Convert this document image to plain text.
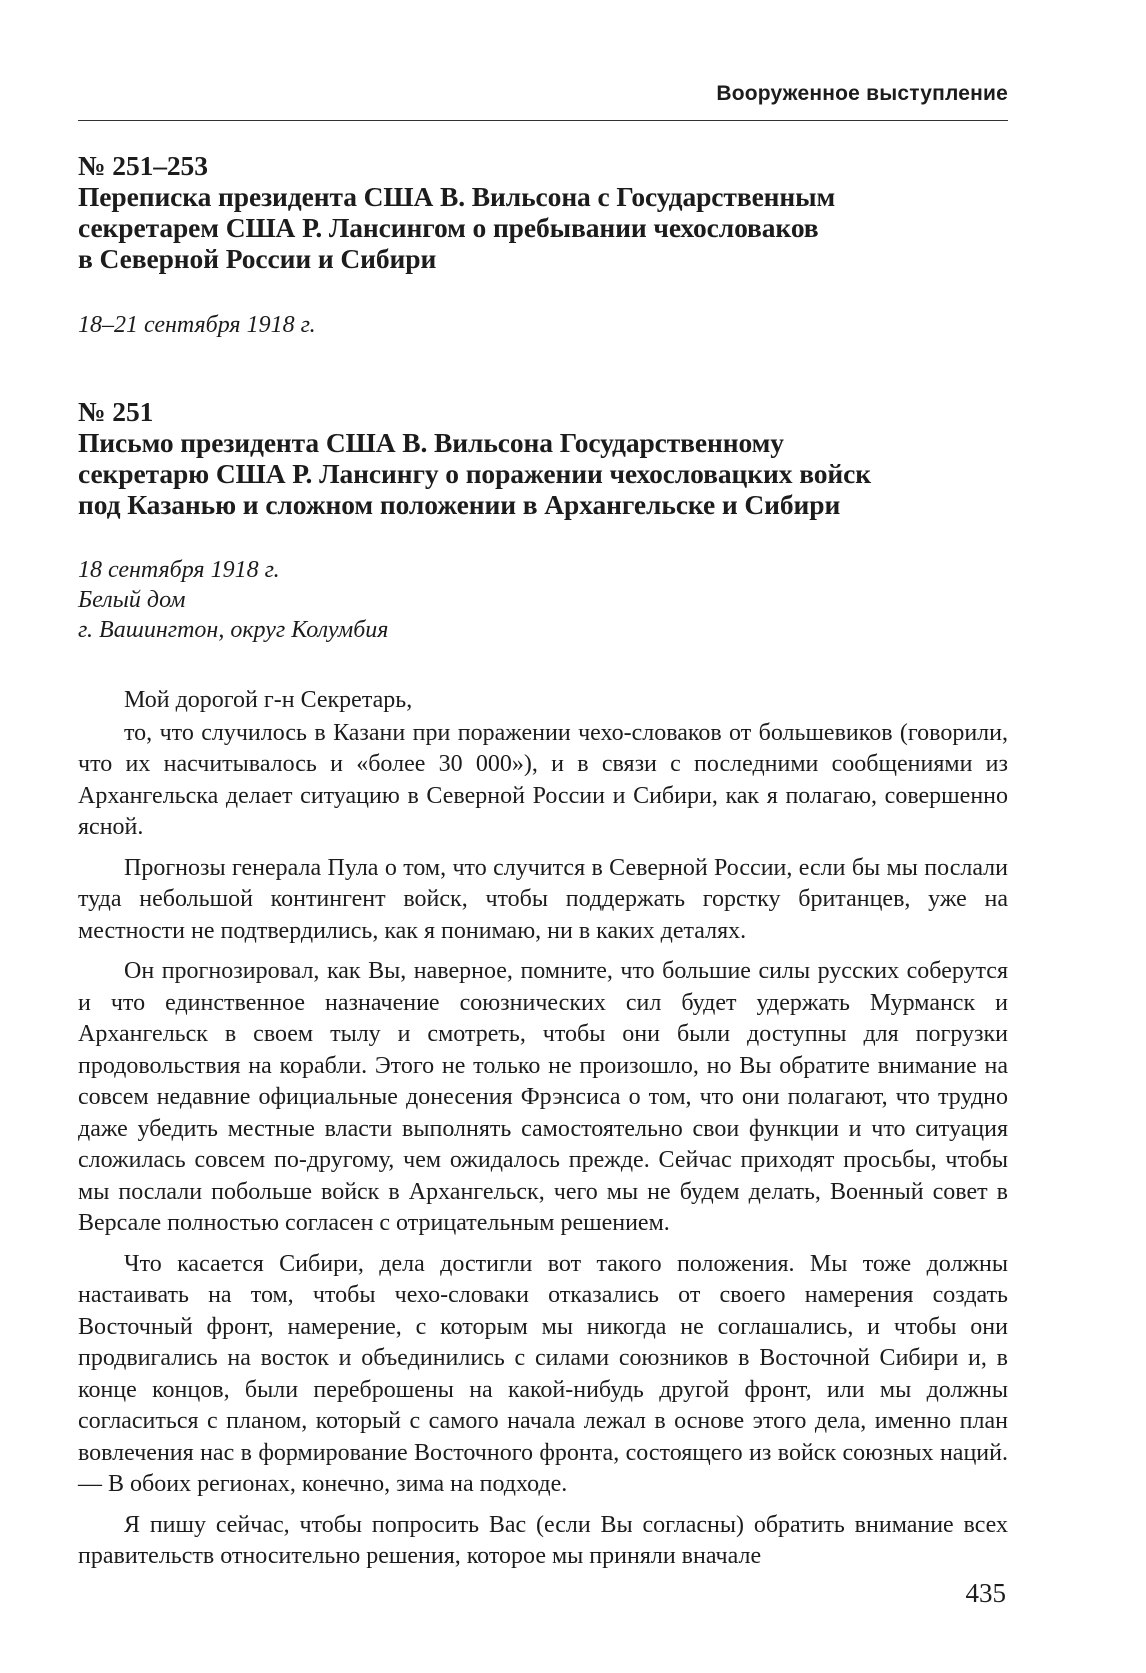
Вооруженное выступление
№ 251–253
Переписка президента США В. Вильсона с Государственным
секретарем США Р. Лансингом о пребывании чехословаков
в Северной России и Сибири
18–21 сентября 1918 г.
№ 251
Письмо президента США В. Вильсона Государственному
секретарю США Р. Лансингу о поражении чехословацких войск
под Казанью и сложном положении в Архангельске и Сибири
18 сентября 1918 г.
Белый дом
г. Вашингтон, округ Колумбия

Мой дорогой г-н Секретарь,

то, что случилось в Казани при поражении чехо-словаков от большевиков (говорили, что их насчитывалось и «более 30 000»), и в связи с последними сообщениями из Архангельска делает ситуацию в Северной России и Сибири, как я полагаю, совершенно ясной.

Прогнозы генерала Пула о том, что случится в Северной России, если бы мы послали туда небольшой контингент войск, чтобы поддержать горстку британцев, уже на местности не подтвердились, как я понимаю, ни в каких деталях.

Он прогнозировал, как Вы, наверное, помните, что большие силы русских соберутся и что единственное назначение союзнических сил будет удержать Мурманск и Архангельск в своем тылу и смотреть, чтобы они были доступны для погрузки продовольствия на корабли. Этого не только не произошло, но Вы обратите внимание на совсем недавние официальные донесения Фрэнсиса о том, что они полагают, что трудно даже убедить местные власти выполнять самостоятельно свои функции и что ситуация сложилась совсем по-другому, чем ожидалось прежде. Сейчас приходят просьбы, чтобы мы послали побольше войск в Архангельск, чего мы не будем делать, Военный совет в Версале полностью согласен с отрицательным решением.

Что касается Сибири, дела достигли вот такого положения. Мы тоже должны настаивать на том, чтобы чехо-словаки отказались от своего намерения создать Восточный фронт, намерение, с которым мы никогда не соглашались, и чтобы они продвигались на восток и объединились с силами союзников в Восточной Сибири и, в конце концов, были переброшены на какой-нибудь другой фронт, или мы должны согласиться с планом, который с самого начала лежал в основе этого дела, именно план вовлечения нас в формирование Восточного фронта, состоящего из войск союзных наций. — В обоих регионах, конечно, зима на подходе.

Я пишу сейчас, чтобы попросить Вас (если Вы согласны) обратить внимание всех правительств относительно решения, которое мы приняли вначале

435
